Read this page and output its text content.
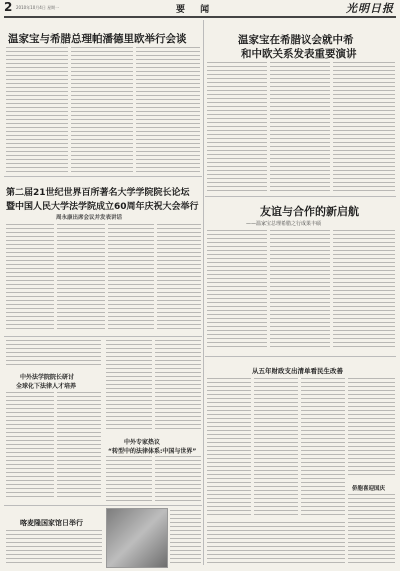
2 2010年10月4日 星期一	要 闻	光明日报
温家宝与希腊总理帕潘德里欧举行会谈	温家宝在希腊议会就中希
和中欧关系发表重要演讲
友谊与合作的新启航
——温家宝总理希腊之行成果丰硕
第二届21世纪世界百所著名大学学院院长论坛
暨中国人民大学法学院成立60周年庆祝大会举行
周永康出席会议并发表讲话
中外法学院院长研讨
全球化下法律人才培养
中外专家热议
“转型中的法律体系:中国与世界”
从五年财政支出清单看民生改善
侨胞喜迎国庆
喀麦隆国家馆日举行
